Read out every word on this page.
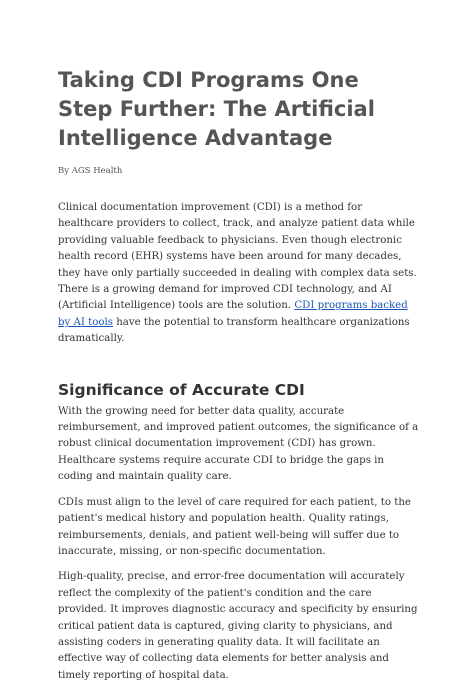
Taking CDI Programs One Step Further: The Artificial Intelligence Advantage

By AGS Health

Clinical documentation improvement (CDI) is a method for healthcare providers to collect, track, and analyze patient data while providing valuable feedback to physicians. Even though electronic health record (EHR) systems have been around for many decades, they have only partially succeeded in dealing with complex data sets. There is a growing demand for improved CDI technology, and AI (Artificial Intelligence) tools are the solution. CDI programs backed by AI tools have the potential to transform healthcare organizations dramatically.

Significance of Accurate CDI

With the growing need for better data quality, accurate reimbursement, and improved patient outcomes, the significance of a robust clinical documentation improvement (CDI) has grown. Healthcare systems require accurate CDI to bridge the gaps in coding and maintain quality care.

CDIs must align to the level of care required for each patient, to the patient's medical history and population health. Quality ratings, reimbursements, denials, and patient well-being will suffer due to inaccurate, missing, or non-specific documentation.

High-quality, precise, and error-free documentation will accurately reflect the complexity of the patient's condition and the care provided. It improves diagnostic accuracy and specificity by ensuring critical patient data is captured, giving clarity to physicians, and assisting coders in generating quality data. It will facilitate an effective way of collecting data elements for better analysis and timely reporting of hospital data.
